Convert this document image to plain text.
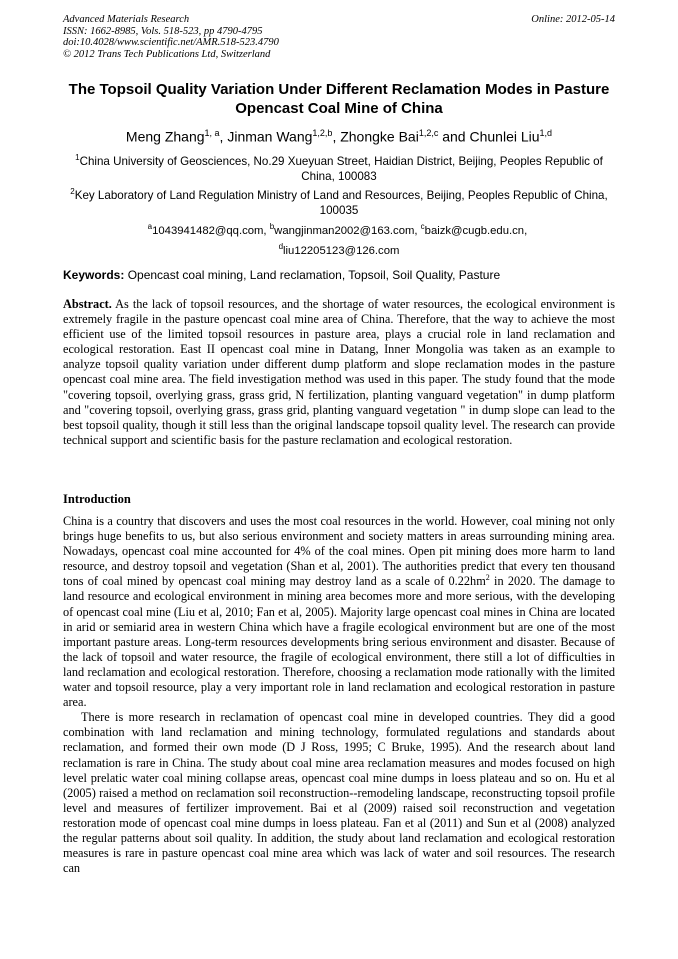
Advanced Materials Research
ISSN: 1662-8985, Vols. 518-523, pp 4790-4795
doi:10.4028/www.scientific.net/AMR.518-523.4790
© 2012 Trans Tech Publications Ltd, Switzerland
Online: 2012-05-14
The Topsoil Quality Variation Under Different Reclamation Modes in Pasture Opencast Coal Mine of China
Meng Zhang$^{1, a}$, Jinman Wang$^{1,2,b}$, Zhongke Bai$^{1,2,c}$ and Chunlei Liu$^{1,d}$
$^1$China University of Geosciences, No.29 Xueyuan Street, Haidian District, Beijing, Peoples Republic of China, 100083
$^2$Key Laboratory of Land Regulation Ministry of Land and Resources, Beijing, Peoples Republic of China, 100035
$^a$1043941482@qq.com, $^b$wangjinman2002@163.com, $^c$baizk@cugb.edu.cn,
$^d$liu12205123@126.com
Keywords: Opencast coal mining, Land reclamation, Topsoil, Soil Quality, Pasture
Abstract. As the lack of topsoil resources, and the shortage of water resources, the ecological environment is extremely fragile in the pasture opencast coal mine area of China. Therefore, that the way to achieve the most efficient use of the limited topsoil resources in pasture area, plays a crucial role in land reclamation and ecological restoration. East II opencast coal mine in Datang, Inner Mongolia was taken as an example to analyze topsoil quality variation under different dump platform and slope reclamation modes in the pasture opencast coal mine area. The field investigation method was used in this paper. The study found that the mode "covering topsoil, overlying grass, grass grid, N fertilization, planting vanguard vegetation" in dump platform and "covering topsoil, overlying grass, grass grid, planting vanguard vegetation " in dump slope can lead to the best topsoil quality, though it still less than the original landscape topsoil quality level. The research can provide technical support and scientific basis for the pasture reclamation and ecological restoration.
Introduction

China is a country that discovers and uses the most coal resources in the world. However, coal mining not only brings huge benefits to us, but also serious environment and society matters in areas surrounding mining area. Nowadays, opencast coal mine accounted for 4% of the coal mines. Open pit mining does more harm to land resource, and destroy topsoil and vegetation (Shan et al, 2001). The authorities predict that every ten thousand tons of coal mined by opencast coal mining may destroy land as a scale of $0.22hm^2$ in 2020. The damage to land resource and ecological environment in mining area becomes more and more serious, with the developing of opencast coal mine (Liu et al, 2010; Fan et al, 2005). Majority large opencast coal mines in China are located in arid or semiarid area in western China which have a fragile ecological environment but are one of the most important pasture areas. Long-term resources developments bring serious environment and disaster. Because of the lack of topsoil and water resource, the fragile of ecological environment, there still a lot of difficulties in land reclamation and ecological restoration. Therefore, choosing a reclamation mode rationally with the limited water and topsoil resource, play a very important role in land reclamation and ecological restoration in pasture area.

There is more research in reclamation of opencast coal mine in developed countries. They did a good combination with land reclamation and mining technology, formulated regulations and standards about reclamation, and formed their own mode (D J Ross, 1995; C Bruke, 1995). And the research about land reclamation is rare in China. The study about coal mine area reclamation measures and modes focused on high level prelatic water coal mining collapse areas, opencast coal mine dumps in loess plateau and so on. Hu et al (2005) raised a method on reclamation soil reconstruction--remodeling landscape, reconstructing topsoil profile level and measures of fertilizer improvement. Bai et al (2009) raised soil reconstruction and vegetation restoration mode of opencast coal mine dumps in loess plateau. Fan et al (2011) and Sun et al (2008) analyzed the regular patterns about soil quality. In addition, the study about land reclamation and ecological restoration measures is rare in pasture opencast coal mine area which was lack of water and soil resources. The research can
